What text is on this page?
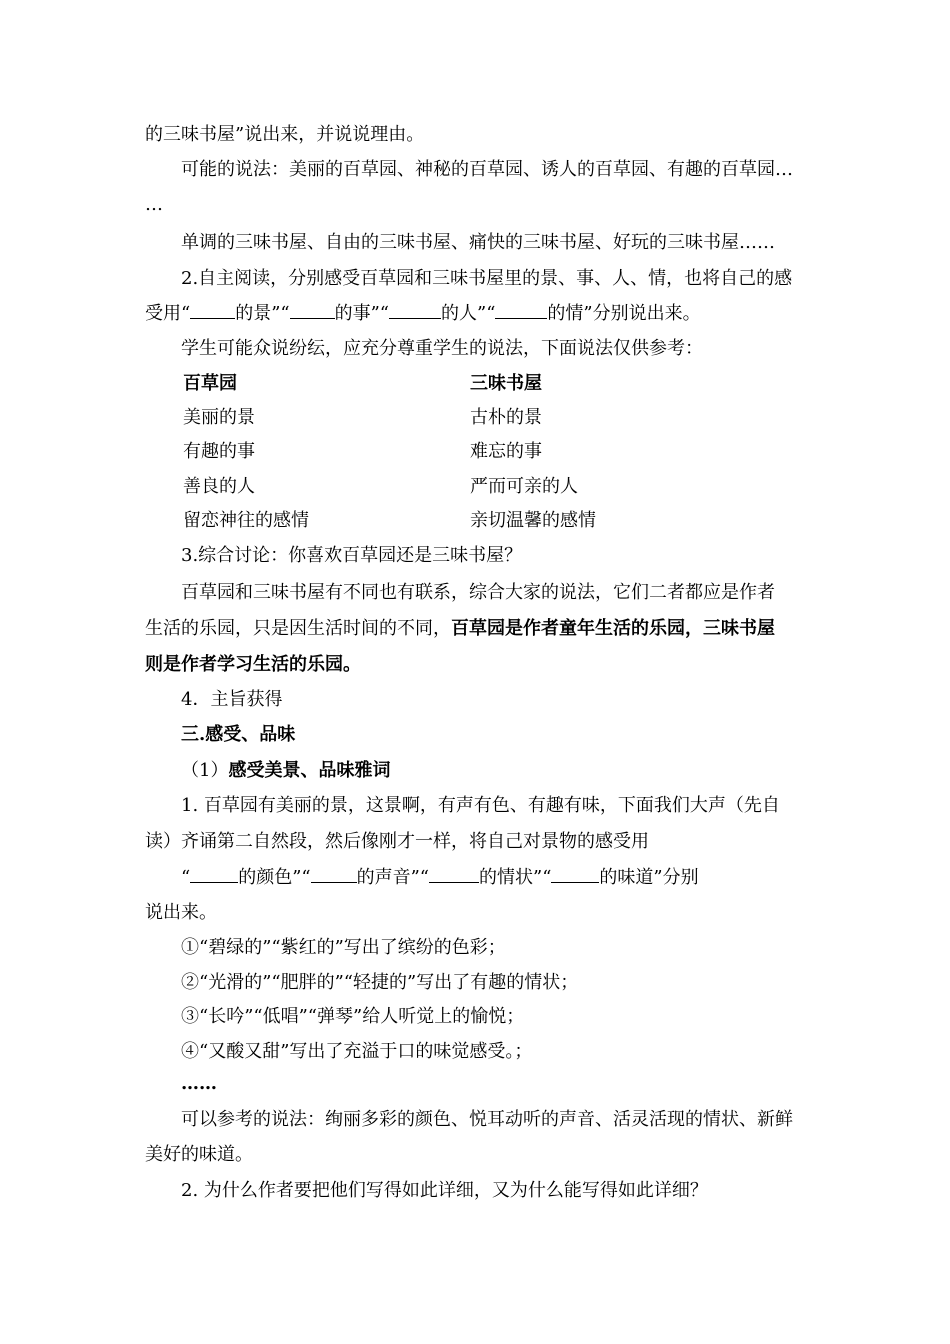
的三味书屋”说出来，并说说理由。
可能的说法：美丽的百草园、神秘的百草园、诱人的百草园、有趣的百草园…
…
单调的三味书屋、自由的三味书屋、痛快的三味书屋、好玩的三味书屋……
2.自主阅读，分别感受百草园和三味书屋里的景、事、人、情，也将自己的感
受用“	的景”“	的事”“	的人”“	的情”分别说出来。
学生可能众说纷纭，应充分尊重学生的说法，下面说法仅供参考：
百草园	三味书屋
美丽的景	古朴的景
有趣的事	难忘的事
善良的人	严而可亲的人
留恋神往的感情	亲切温馨的感情
3.综合讨论：你喜欢百草园还是三味书屋？
百草园和三味书屋有不同也有联系，综合大家的说法，它们二者都应是作者
生活的乐园，只是因生活时间的不同，百草园是作者童年生活的乐园，三味书屋
则是作者学习生活的乐园。
4．主旨获得
三.感受、品味
（1）感受美景、品味雅词
1. 百草园有美丽的景，这景啊，有声有色、有趣有味，下面我们大声（先自
读）齐诵第二自然段，然后像刚才一样，将自己对景物的感受用
“	的颜色”“	的声音”“	的情状”“	的味道”分别
说出来。
①“碧绿的”“紫红的”写出了缤纷的色彩；
②“光滑的”“肥胖的”“轻捷的”写出了有趣的情状；
③“长吟”“低唱”“弹琴”给人听觉上的愉悦；
④“又酸又甜”写出了充溢于口的味觉感受。；
……
可以参考的说法：绚丽多彩的颜色、悦耳动听的声音、活灵活现的情状、新鲜
美好的味道。
2. 为什么作者要把他们写得如此详细，又为什么能写得如此详细？
